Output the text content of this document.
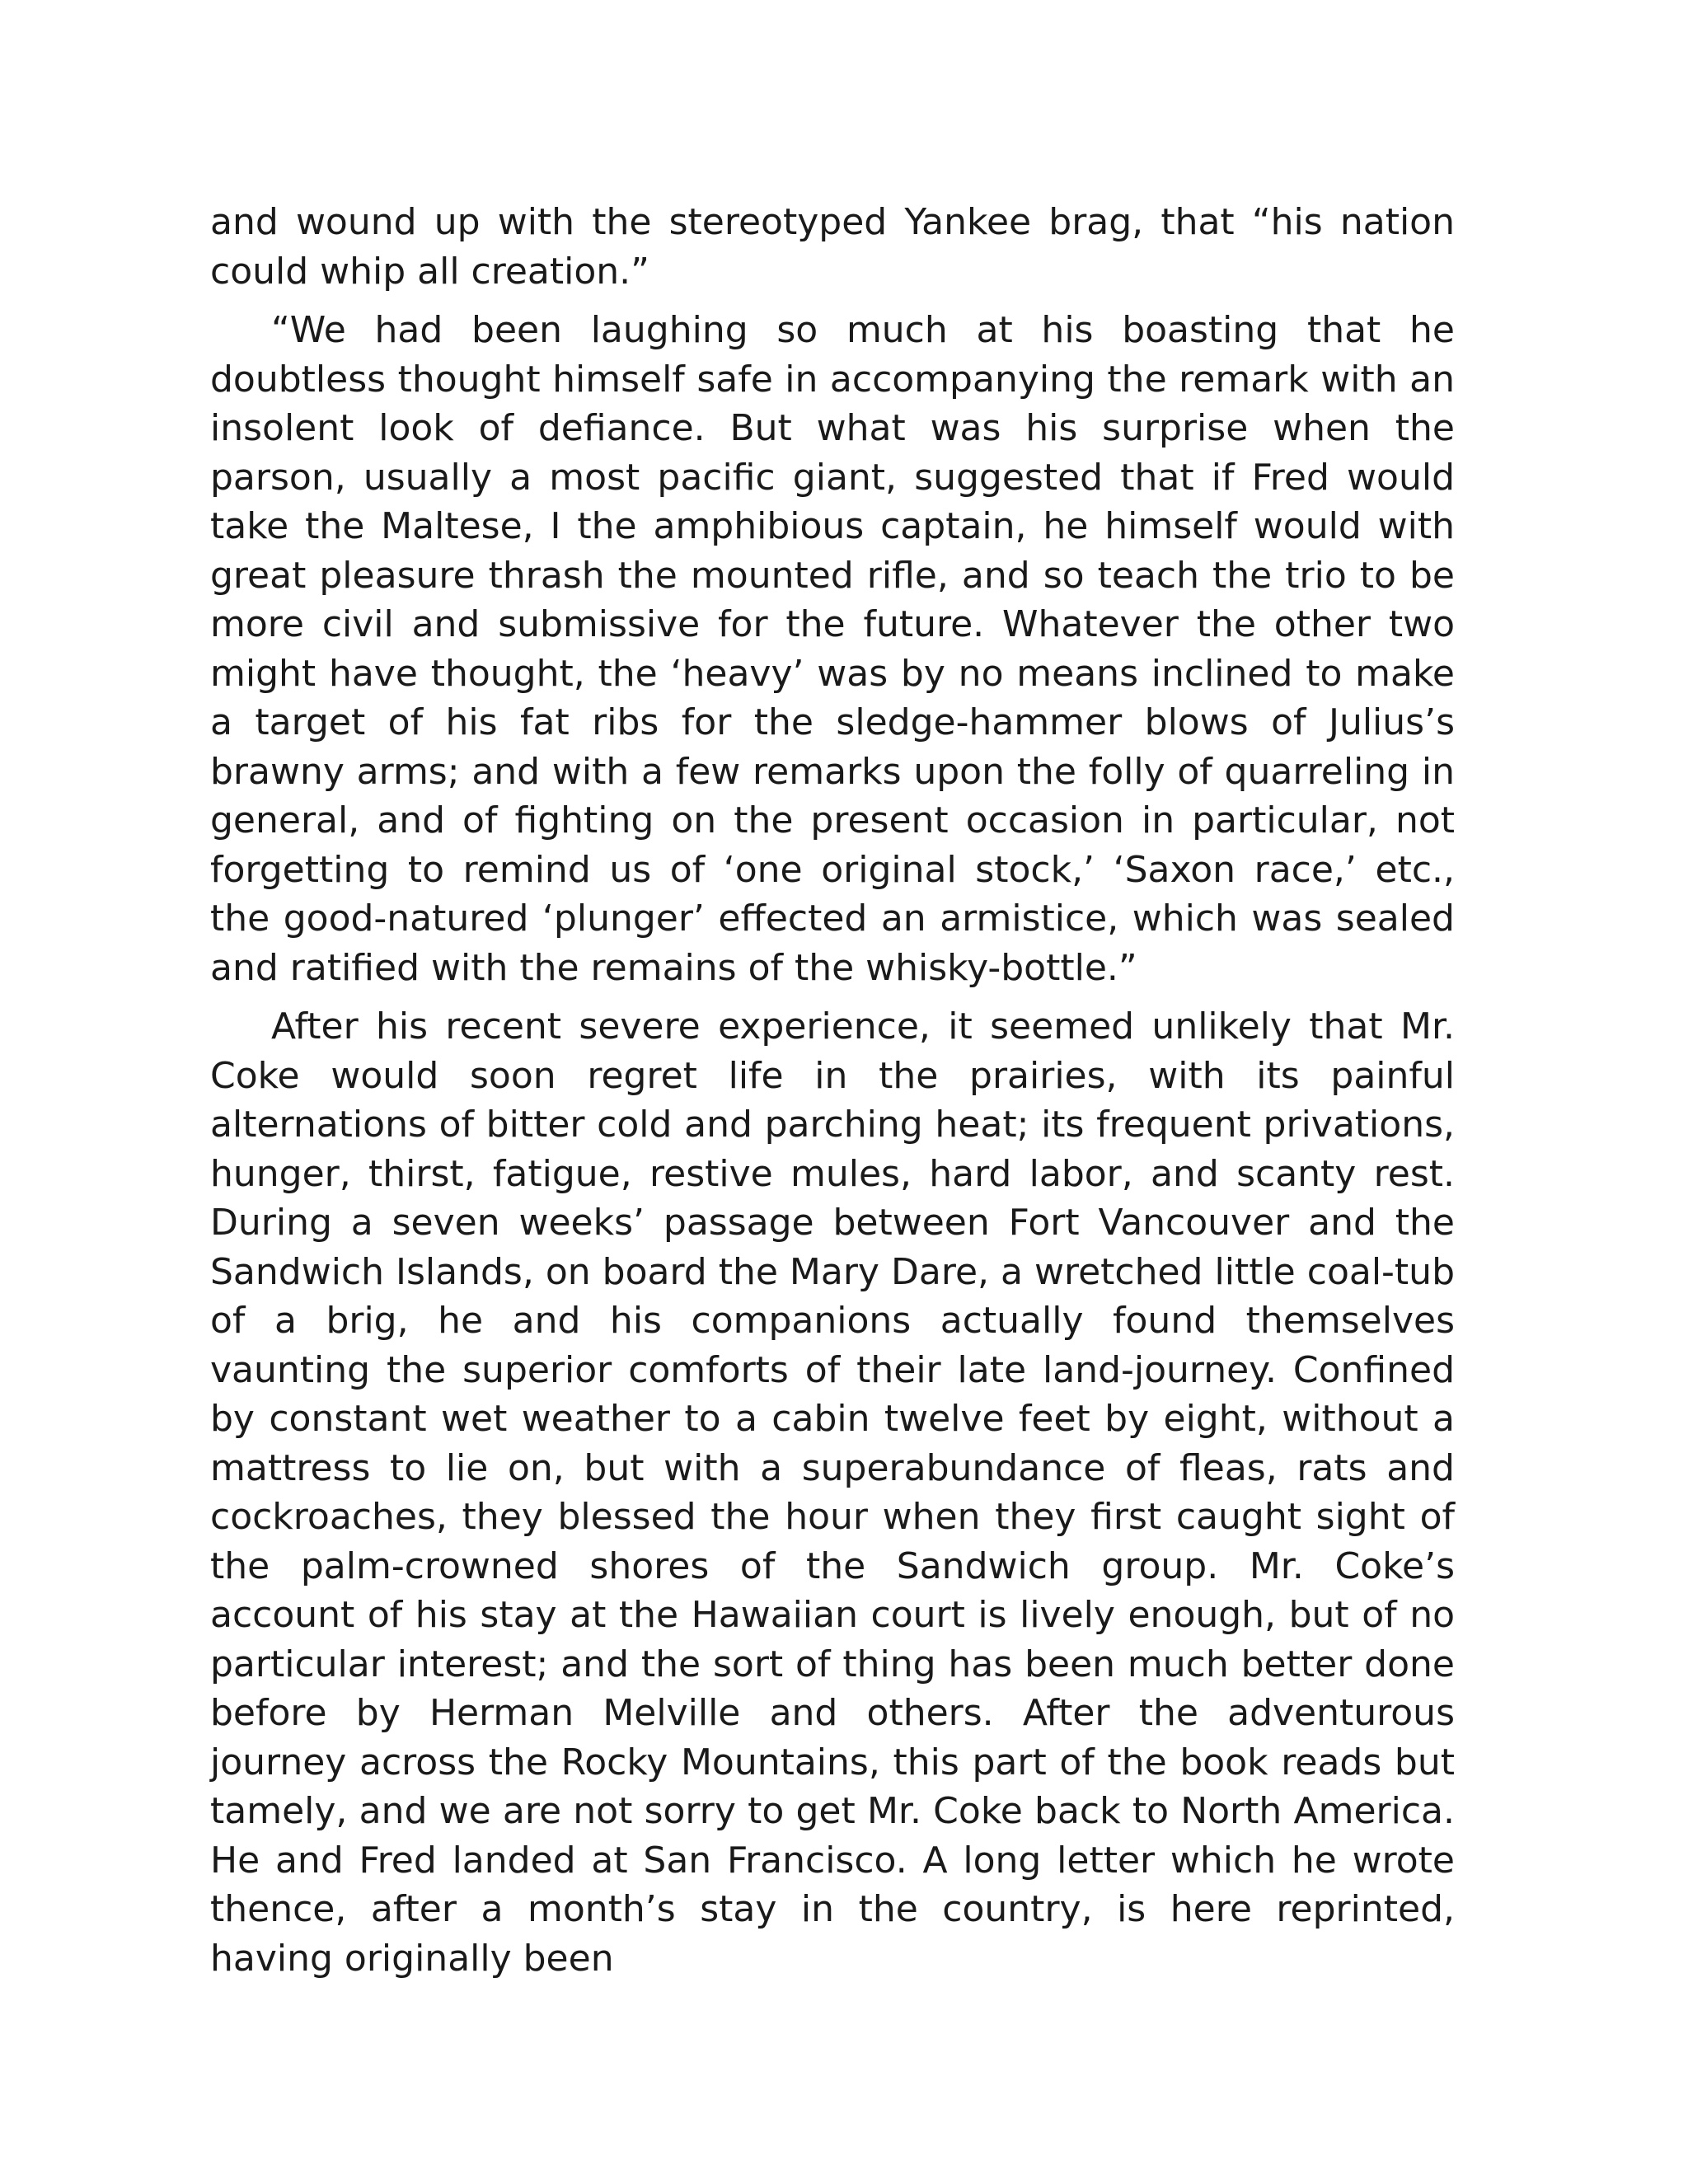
and wound up with the stereotyped Yankee brag, that “his nation could whip all creation.”

“We had been laughing so much at his boasting that he doubtless thought himself safe in accompanying the remark with an insolent look of defiance. But what was his surprise when the parson, usually a most pacific giant, suggested that if Fred would take the Maltese, I the amphibious captain, he himself would with great pleasure thrash the mounted rifle, and so teach the trio to be more civil and submissive for the future. Whatever the other two might have thought, the ‘heavy’ was by no means inclined to make a target of his fat ribs for the sledge-hammer blows of Julius’s brawny arms; and with a few remarks upon the folly of quarreling in general, and of fighting on the present occasion in particular, not forgetting to remind us of ‘one original stock,’ ‘Saxon race,’ etc., the good-natured ‘plunger’ effected an armistice, which was sealed and ratified with the remains of the whisky-bottle.”

After his recent severe experience, it seemed unlikely that Mr. Coke would soon regret life in the prairies, with its painful alternations of bitter cold and parching heat; its frequent privations, hunger, thirst, fatigue, restive mules, hard labor, and scanty rest. During a seven weeks’ passage between Fort Vancouver and the Sandwich Islands, on board the Mary Dare, a wretched little coal-tub of a brig, he and his companions actually found themselves vaunting the superior comforts of their late land-journey. Confined by constant wet weather to a cabin twelve feet by eight, without a mattress to lie on, but with a superabundance of fleas, rats and cockroaches, they blessed the hour when they first caught sight of the palm-crowned shores of the Sandwich group. Mr. Coke’s account of his stay at the Hawaiian court is lively enough, but of no particular interest; and the sort of thing has been much better done before by Herman Melville and others. After the adventurous journey across the Rocky Mountains, this part of the book reads but tamely, and we are not sorry to get Mr. Coke back to North America. He and Fred landed at San Francisco. A long letter which he wrote thence, after a month’s stay in the country, is here reprinted, having originally been
